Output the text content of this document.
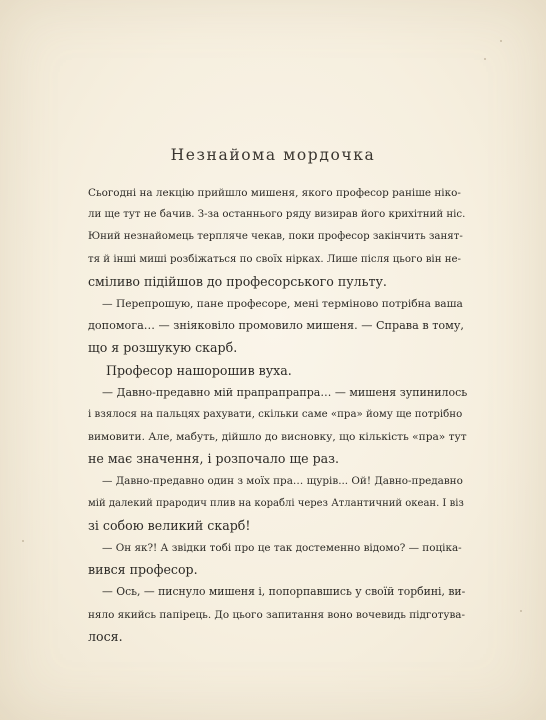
Незнайома мордочка
Сьогодні на лекцію прийшло мишеня, якого професор раніше ніко-
ли ще тут не бачив. З-за останнього ряду визирав його крихітний ніс.
Юний незнайомець терпляче чекав, поки професор закінчить занят-
тя й інші миші розбіжаться по своїх нірках. Лише після цього він не-
сміливо підійшов до професорського пульту.
— Перепрошую, пане професоре, мені терміново потрібна ваша
допомога… — зніяковіло промовило мишеня. — Справа в тому,
що я розшукую скарб.
Професор нашорошив вуха.
— Давно-предавно мій прапрапрапра… — мишеня зупинилось
і взялося на пальцях рахувати, скільки саме «пра» йому ще потрібно
вимовити. Але, мабуть, дійшло до висновку, що кількість «пра» тут
не має значення, і розпочало ще раз.
— Давно-предавно один з моїх пра… щурів... Ой! Давно-предавно
мій далекий прародич плив на кораблі через Атлантичний океан. І віз
зі собою великий скарб!
— Он як?! А звідки тобі про це так достеменно відомо? — поціка-
вився професор.
— Ось, — писнуло мишеня і, попорпавшись у своїй торбині, ви-
няло якийсь папірець. До цього запитання воно вочевидь підготува-
лося.
